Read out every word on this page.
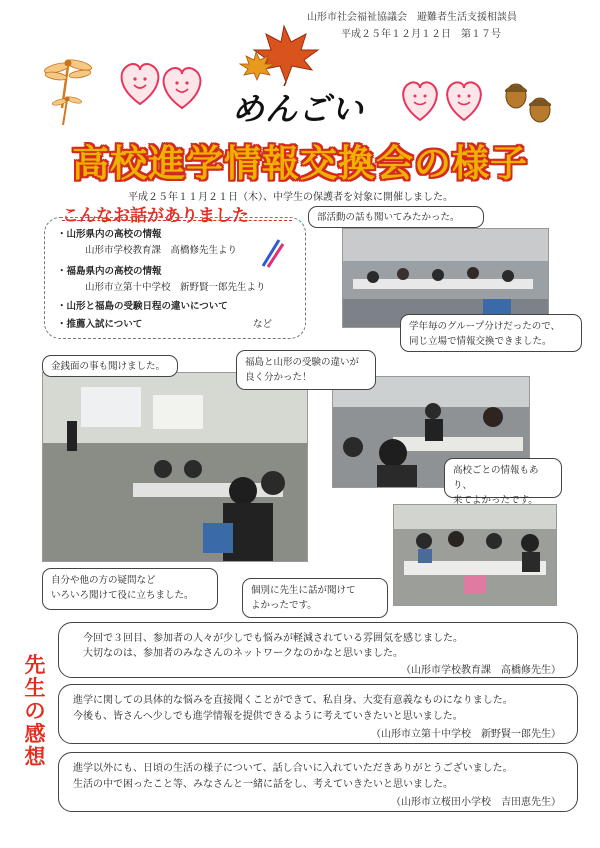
山形市社会福祉協議会　避難者生活支援相談員
平成２５年１２月１２日　第１７号
めんごい
高校進学情報交換会の様子
平成２５年１１月２１日（木）、中学生の保護者を対象に開催しました。
こんなお話がありました
・山形県内の高校の情報
山形市学校教育課　高橋修先生より
・福島県内の高校の情報
山形市立第十中学校　新野賢一郎先生より
・山形と福島の受験日程の違いについて
・推薦入試について	など
部活動の話も聞いてみたかった。
学年毎のグループ分けだったので、
同じ立場で情報交換できました。
金銭面の事も聞けました。	福島と山形の受験の違いが
良く分かった！
高校ごとの情報もあり、
来てよかったです。
自分や他の方の疑問など
いろいろ聞けて役に立ちました。	個別に先生に話が聞けて
よかったです。
先
生
の
感
想
今回で３回目、参加者の人々が少しでも悩みが軽減されている雰囲気を感じました。
大切なのは、参加者のみなさんのネットワークなのかなと思いました。
（山形市学校教育課　高橋修先生）
進学に関しての具体的な悩みを直接聞くことができて、私自身、大変有意義なものになりました。
今後も、皆さんへ少しでも進学情報を提供できるように考えていきたいと思いました。
（山形市立第十中学校　新野賢一郎先生）
進学以外にも、日頃の生活の様子について、話し合いに入れていただきありがとうございました。
生活の中で困ったこと等、みなさんと一緒に話をし、考えていきたいと思いました。
（山形市立桜田小学校　吉田恵先生）
